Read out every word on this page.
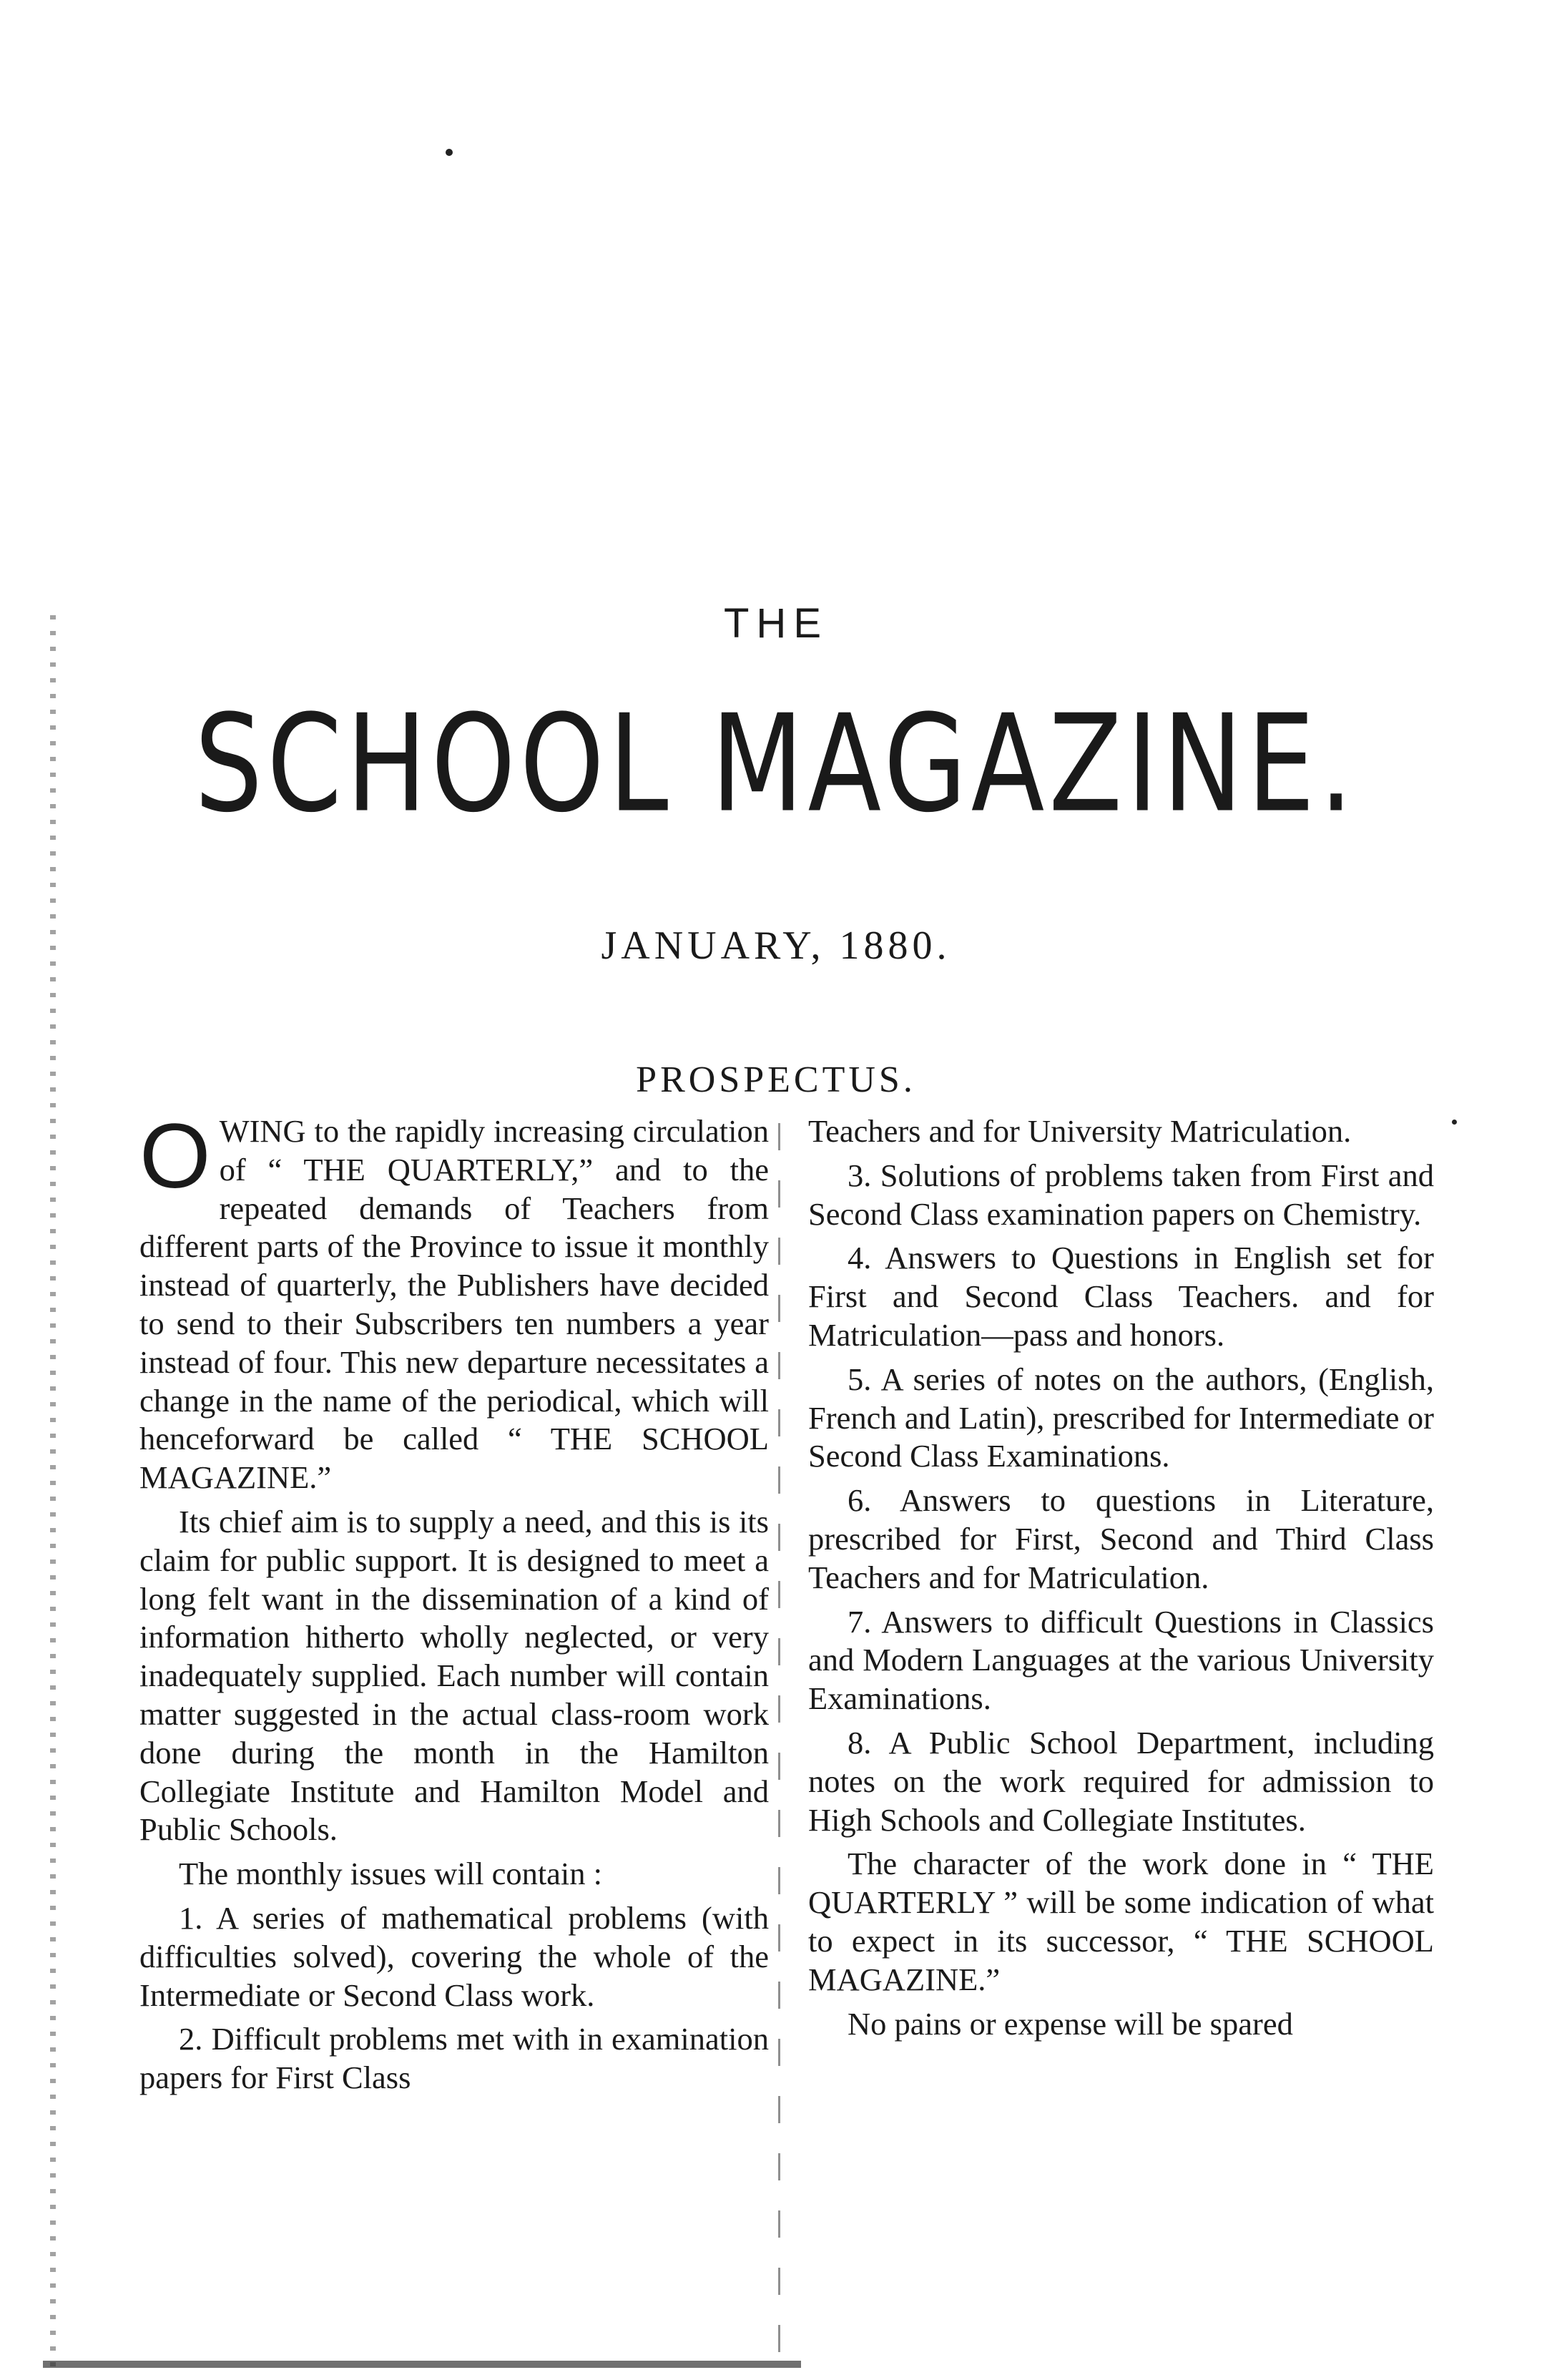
THE
SCHOOL MAGAZINE.
JANUARY, 1880.
PROSPECTUS.

OWING to the rapidly increasing circulation of “ THE QUARTERLY,” and to the repeated demands of Teachers from different parts of the Province to issue it monthly instead of quarterly, the Publishers have decided to send to their Subscribers ten numbers a year instead of four. This new departure necessitates a change in the name of the periodical, which will henceforward be called “ THE SCHOOL MAGAZINE.”

Its chief aim is to supply a need, and this is its claim for public support. It is designed to meet a long felt want in the dissemination of a kind of information hitherto wholly neglected, or very inadequately supplied. Each number will contain matter suggested in the actual class-room work done during the month in the Hamilton Collegiate Institute and Hamilton Model and Public Schools.

The monthly issues will contain :

1. A series of mathematical problems (with difficulties solved), covering the whole of the Intermediate or Second Class work.

2. Difficult problems met with in examination papers for First Class

Teachers and for University Matriculation.

3. Solutions of problems taken from First and Second Class examination papers on Chemistry.

4. Answers to Questions in English set for First and Second Class Teachers. and for Matriculation—pass and honors.

5. A series of notes on the authors, (English, French and Latin), prescribed for Intermediate or Second Class Examinations.

6. Answers to questions in Literature, prescribed for First, Second and Third Class Teachers and for Matriculation.

7. Answers to difficult Questions in Classics and Modern Languages at the various University Examinations.

8. A Public School Department, including notes on the work required for admission to High Schools and Collegiate Institutes.

The character of the work done in “ THE QUARTERLY ” will be some indication of what to expect in its successor, “ THE SCHOOL MAGAZINE.”

No pains or expense will be spared
